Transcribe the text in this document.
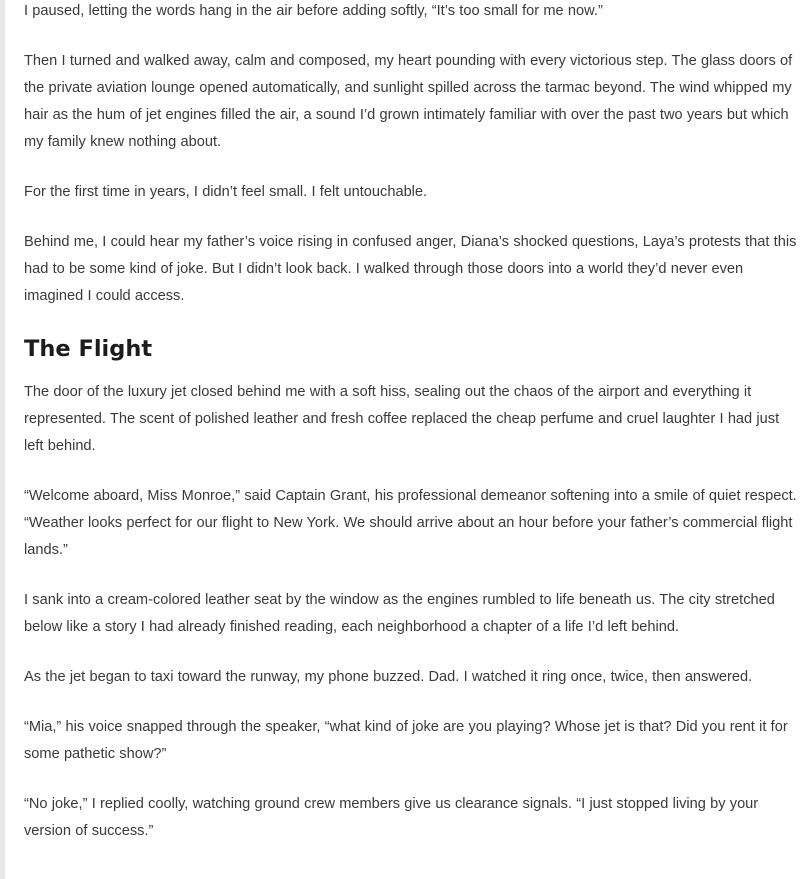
I paused, letting the words hang in the air before adding softly, “It’s too small for me now.”

Then I turned and walked away, calm and composed, my heart pounding with every victorious step. The glass doors of the private aviation lounge opened automatically, and sunlight spilled across the tarmac beyond. The wind whipped my hair as the hum of jet engines filled the air, a sound I’d grown intimately familiar with over the past two years but which my family knew nothing about.

For the first time in years, I didn’t feel small. I felt untouchable.

Behind me, I could hear my father’s voice rising in confused anger, Diana’s shocked questions, Laya’s protests that this had to be some kind of joke. But I didn’t look back. I walked through those doors into a world they’d never even imagined I could access.

The Flight

The door of the luxury jet closed behind me with a soft hiss, sealing out the chaos of the airport and everything it represented. The scent of polished leather and fresh coffee replaced the cheap perfume and cruel laughter I had just left behind.

“Welcome aboard, Miss Monroe,” said Captain Grant, his professional demeanor softening into a smile of quiet respect. “Weather looks perfect for our flight to New York. We should arrive about an hour before your father’s commercial flight lands.”

I sank into a cream-colored leather seat by the window as the engines rumbled to life beneath us. The city stretched below like a story I had already finished reading, each neighborhood a chapter of a life I’d left behind.

As the jet began to taxi toward the runway, my phone buzzed. Dad. I watched it ring once, twice, then answered.

“Mia,” his voice snapped through the speaker, “what kind of joke are you playing? Whose jet is that? Did you rent it for some pathetic show?”

“No joke,” I replied coolly, watching ground crew members give us clearance signals. “I just stopped living by your version of success.”
